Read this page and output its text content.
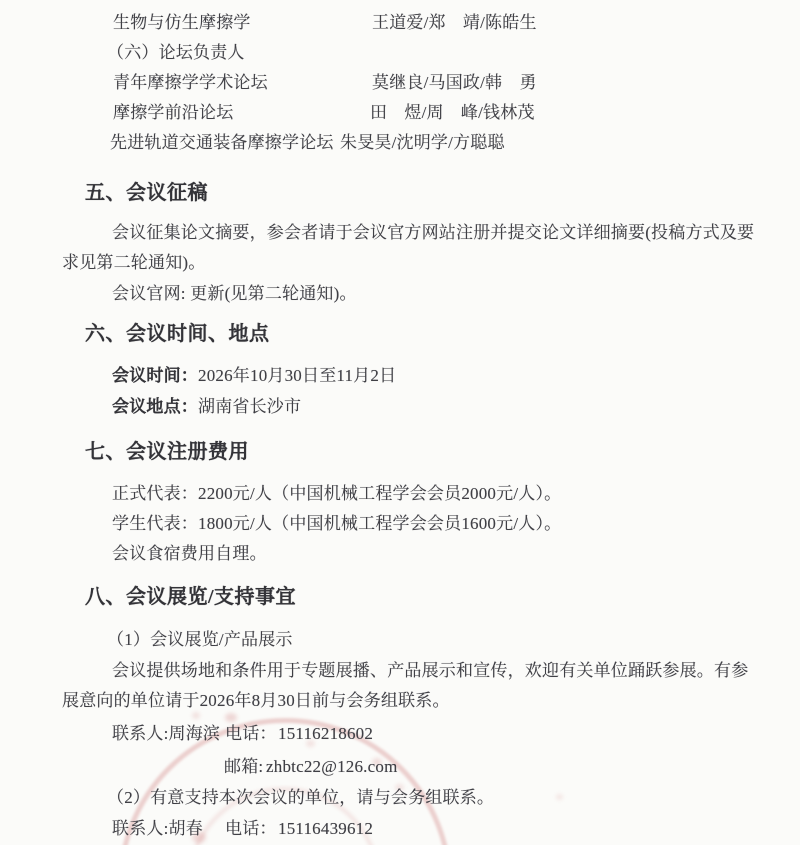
生物与仿生摩擦学	王道爱/郑　靖/陈皓生
（六）论坛负责人
青年摩擦学学术论坛	莫继良/马国政/韩　勇
摩擦学前沿论坛	田　煜/周　峰/钱林茂
先进轨道交通装备摩擦学论坛 朱旻昊/沈明学/方聪聪
五、会议征稿
会议征集论文摘要，参会者请于会议官方网站注册并提交论文详细摘要(投稿方式及要
求见第二轮通知)。
会议官网: 更新(见第二轮通知)。
六、会议时间、地点
会议时间：2026年10月30日至11月2日
会议地点：湖南省长沙市
七、会议注册费用
正式代表：2200元/人（中国机械工程学会会员2000元/人）。
学生代表：1800元/人（中国机械工程学会会员1600元/人）。
会议食宿费用自理。
八、会议展览/支持事宜
（1）会议展览/产品展示
会议提供场地和条件用于专题展播、产品展示和宣传，欢迎有关单位踊跃参展。有参
展意向的单位请于2026年8月30日前与会务组联系。
联系人:周海滨 电话： 15116218602
邮箱: zhbtc22@126.com
（2）有意支持本次会议的单位，请与会务组联系。
联系人:胡春 电话： 15116439612
